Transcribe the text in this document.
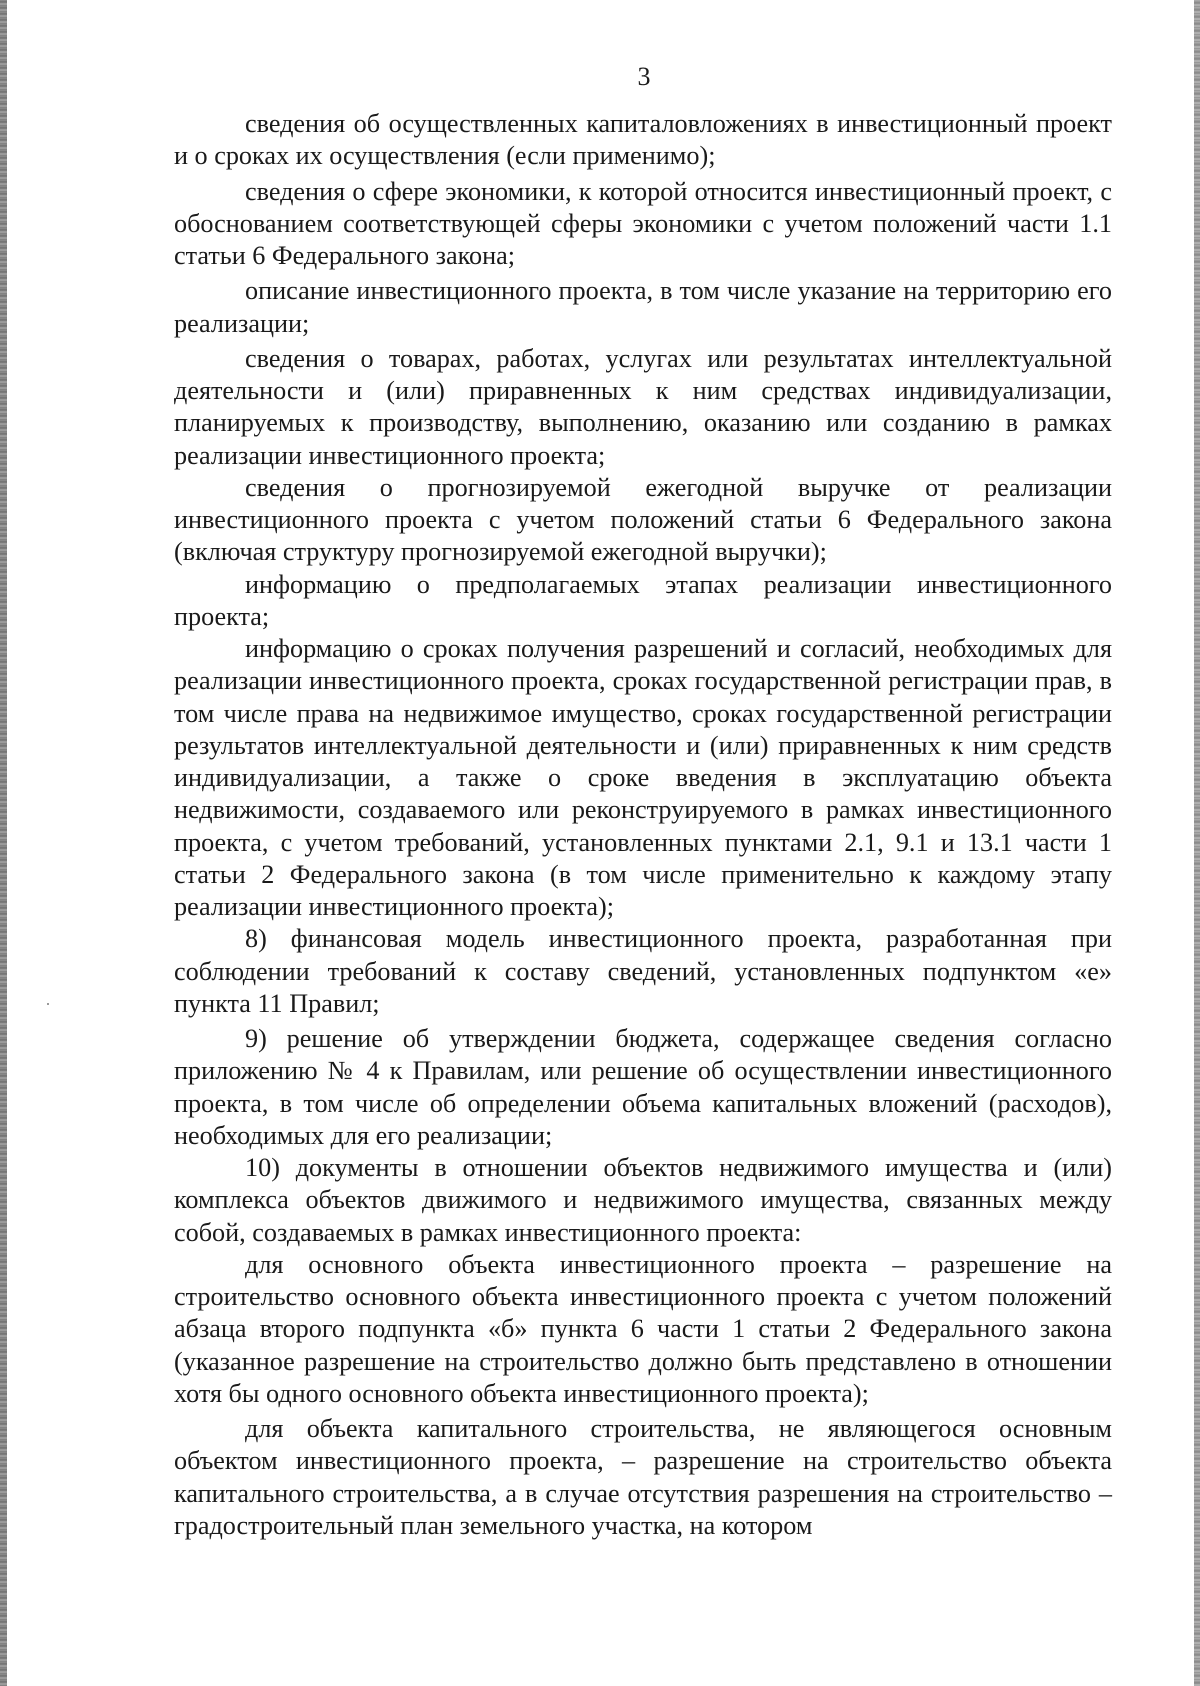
3

сведения об осуществленных капиталовложениях в инвестиционный проект и о сроках их осуществления (если применимо);

сведения о сфере экономики, к которой относится инвестиционный проект, с обоснованием соответствующей сферы экономики с учетом положений части 1.1 статьи 6 Федерального закона;

описание инвестиционного проекта, в том числе указание на территорию его реализации;

сведения о товарах, работах, услугах или результатах интеллектуальной деятельности и (или) приравненных к ним средствах индивидуализации, планируемых к производству, выполнению, оказанию или созданию в рамках реализации инвестиционного проекта;

сведения о прогнозируемой ежегодной выручке от реализации инвестиционного проекта с учетом положений статьи 6 Федерального закона (включая структуру прогнозируемой ежегодной выручки);

информацию о предполагаемых этапах реализации инвестиционного проекта;

информацию о сроках получения разрешений и согласий, необходимых для реализации инвестиционного проекта, сроках государственной регистрации прав, в том числе права на недвижимое имущество, сроках государственной регистрации результатов интеллектуальной деятельности и (или) приравненных к ним средств индивидуализации, а также о сроке введения в эксплуатацию объекта недвижимости, создаваемого или реконструируемого в рамках инвестиционного проекта, с учетом требований, установленных пунктами 2.1, 9.1 и 13.1 части 1 статьи 2 Федерального закона (в том числе применительно к каждому этапу реализации инвестиционного проекта);

8) финансовая модель инвестиционного проекта, разработанная при соблюдении требований к составу сведений, установленных подпунктом «е» пункта 11 Правил;

9) решение об утверждении бюджета, содержащее сведения согласно приложению № 4 к Правилам, или решение об осуществлении инвестиционного проекта, в том числе об определении объема капитальных вложений (расходов), необходимых для его реализации;

10) документы в отношении объектов недвижимого имущества и (или) комплекса объектов движимого и недвижимого имущества, связанных между собой, создаваемых в рамках инвестиционного проекта:

для основного объекта инвестиционного проекта – разрешение на строительство основного объекта инвестиционного проекта с учетом положений абзаца второго подпункта «б» пункта 6 части 1 статьи 2 Федерального закона (указанное разрешение на строительство должно быть представлено в отношении хотя бы одного основного объекта инвестиционного проекта);

для объекта капитального строительства, не являющегося основным объектом инвестиционного проекта, – разрешение на строительство объекта капитального строительства, а в случае отсутствия разрешения на строительство – градостроительный план земельного участка, на котором
